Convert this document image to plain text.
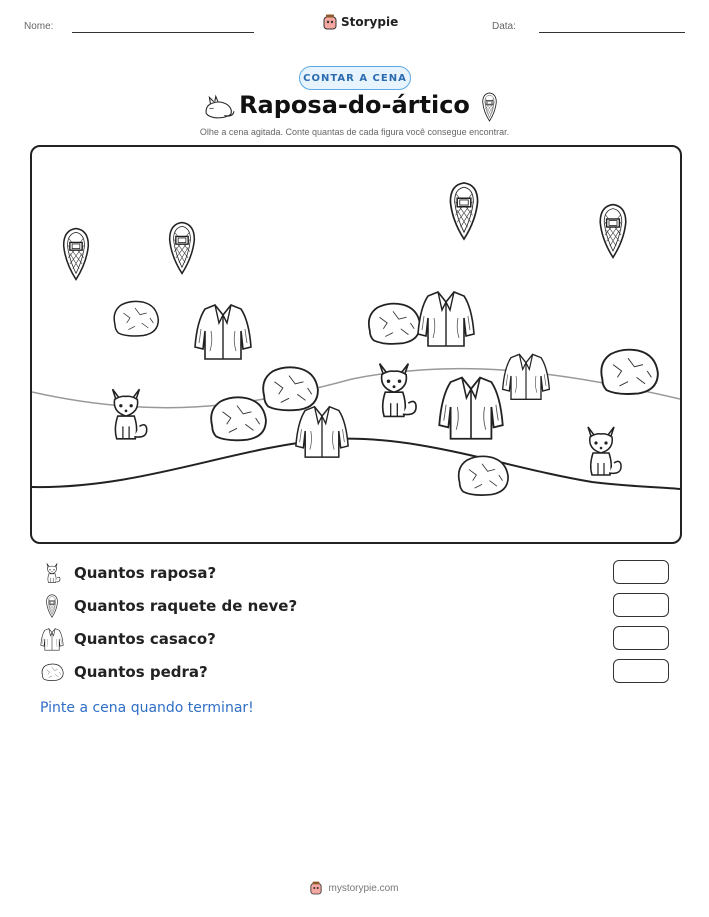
Nome:	Storypie	Data:
CONTAR A CENA
Raposa-do-ártico
Olhe a cena agitada. Conte quantas de cada figura você consegue encontrar.
Quantos raposa?
Quantos raquete de neve?
Quantos casaco?
Quantos pedra?
Pinte a cena quando terminar!
mystorypie.com
